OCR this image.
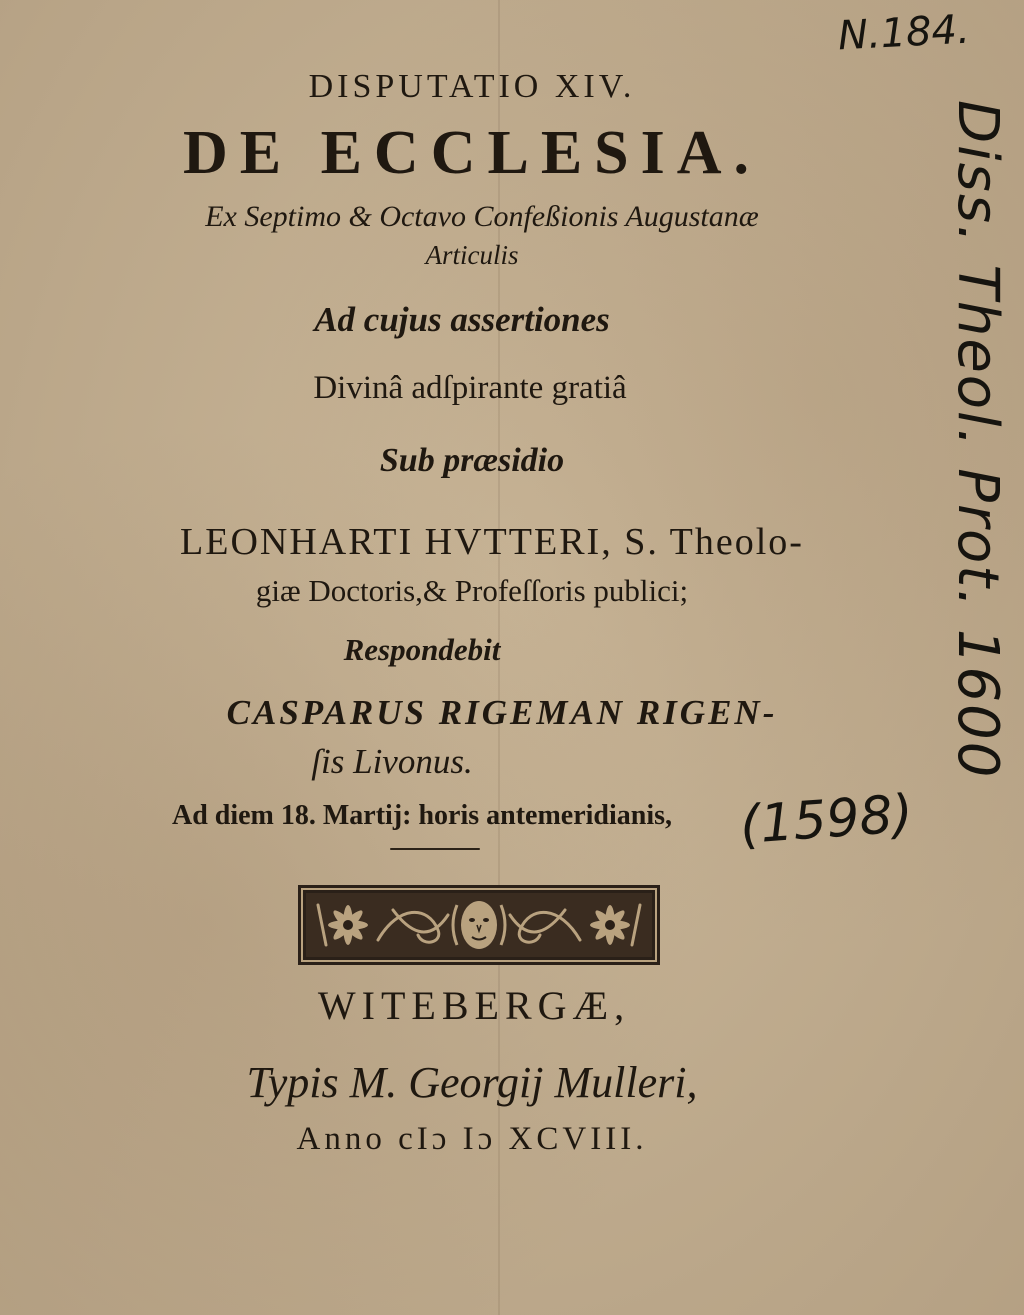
DISPUTATIO XIV.

DE ECCLESIA.

Ex Septimo & Octavo Confeßionis Augustanæ

Articulis

Ad cujus assertiones

Divinâ adſpirante gratiâ

Sub præsidio

LEONHARTI HVTTERI, S. Theolo-

giæ Doctoris,& Profeſſoris publici;

Respondebit

CASPARUS RIGEMAN RIGEN-

ſis Livonus.

Ad diem 18. Martij: horis antemeridianis,

WITEBERGÆ,

Typis M. Georgij Mulleri,

Anno cIɔ Iɔ XCVIII.

N.184.

Diss. Theol. Prot. 1600

(1598)
